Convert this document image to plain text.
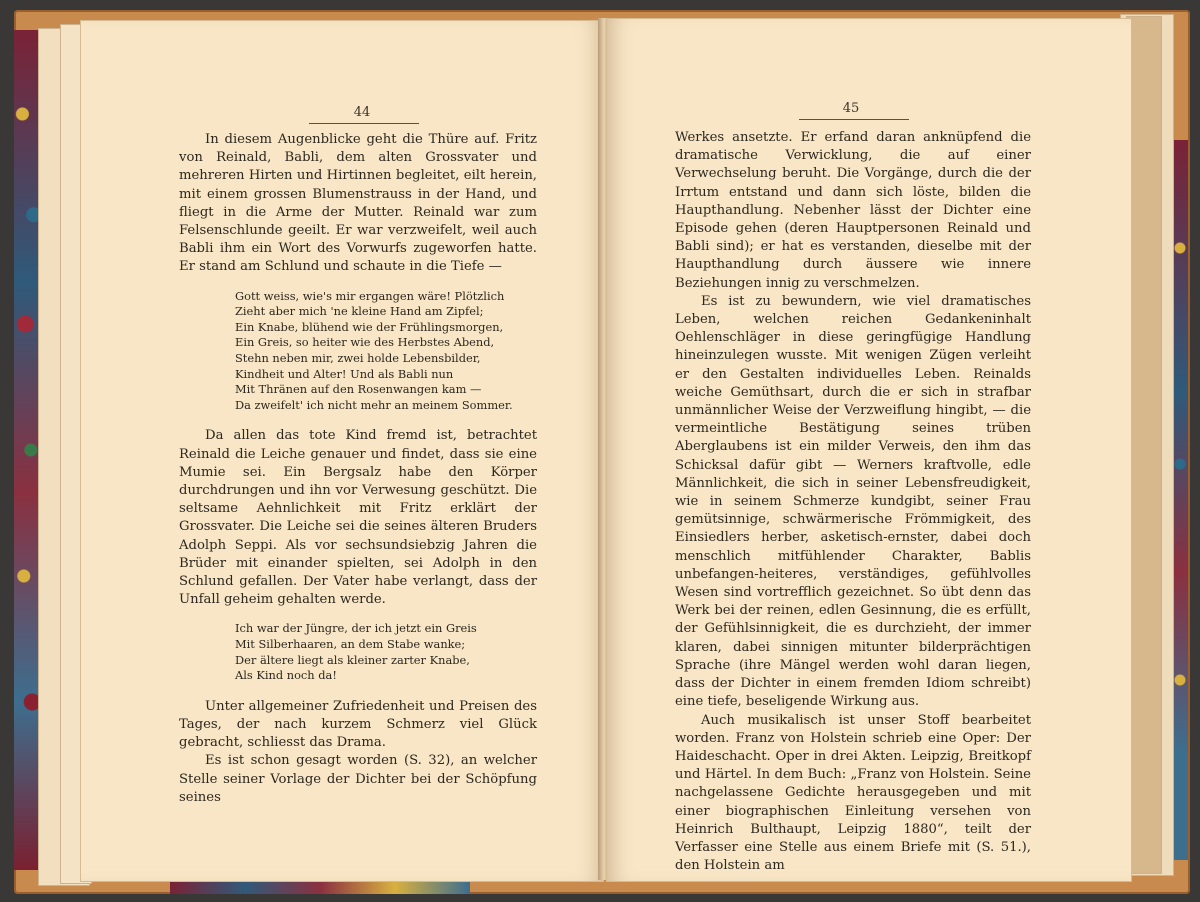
44

In diesem Augenblicke geht die Thüre auf. Fritz von Reinald, Babli, dem alten Grossvater und mehreren Hirten und Hirtinnen begleitet, eilt herein, mit einem grossen Blumenstrauss in der Hand, und fliegt in die Arme der Mutter. Reinald war zum Felsenschlunde geeilt. Er war verzweifelt, weil auch Babli ihm ein Wort des Vorwurfs zugeworfen hatte. Er stand am Schlund und schaute in die Tiefe —

Gott weiss, wie's mir ergangen wäre! Plötzlich
Zieht aber mich 'ne kleine Hand am Zipfel;
Ein Knabe, blühend wie der Frühlingsmorgen,
Ein Greis, so heiter wie des Herbstes Abend,
Stehn neben mir, zwei holde Lebensbilder,
Kindheit und Alter! Und als Babli nun
Mit Thränen auf den Rosenwangen kam —
Da zweifelt' ich nicht mehr an meinem Sommer.

Da allen das tote Kind fremd ist, betrachtet Reinald die Leiche genauer und findet, dass sie eine Mumie sei. Ein Bergsalz habe den Körper durchdrungen und ihn vor Verwesung geschützt. Die seltsame Aehnlichkeit mit Fritz erklärt der Grossvater. Die Leiche sei die seines älteren Bruders Adolph Seppi. Als vor sechsundsiebzig Jahren die Brüder mit einander spielten, sei Adolph in den Schlund gefallen. Der Vater habe verlangt, dass der Unfall geheim gehalten werde.

Ich war der Jüngre, der ich jetzt ein Greis
Mit Silberhaaren, an dem Stabe wanke;
Der ältere liegt als kleiner zarter Knabe,
Als Kind noch da!

Unter allgemeiner Zufriedenheit und Preisen des Tages, der nach kurzem Schmerz viel Glück gebracht, schliesst das Drama.

Es ist schon gesagt worden (S. 32), an welcher Stelle seiner Vorlage der Dichter bei der Schöpfung seines

45

Werkes ansetzte. Er erfand daran anknüpfend die dramatische Verwicklung, die auf einer Verwechselung beruht. Die Vorgänge, durch die der Irrtum entstand und dann sich löste, bilden die Haupthandlung. Nebenher lässt der Dichter eine Episode gehen (deren Hauptpersonen Reinald und Babli sind); er hat es verstanden, dieselbe mit der Haupthandlung durch äussere wie innere Beziehungen innig zu verschmelzen.

Es ist zu bewundern, wie viel dramatisches Leben, welchen reichen Gedankeninhalt Oehlenschläger in diese geringfügige Handlung hineinzulegen wusste. Mit wenigen Zügen verleiht er den Gestalten individuelles Leben. Reinalds weiche Gemüthsart, durch die er sich in strafbar unmännlicher Weise der Verzweiflung hingibt, — die vermeintliche Bestätigung seines trüben Aberglaubens ist ein milder Verweis, den ihm das Schicksal dafür gibt — Werners kraftvolle, edle Männlichkeit, die sich in seiner Lebensfreudigkeit, wie in seinem Schmerze kundgibt, seiner Frau gemütsinnige, schwärmerische Frömmigkeit, des Einsiedlers herber, asketisch-ernster, dabei doch menschlich mitfühlender Charakter, Bablis unbefangen-heiteres, verständiges, gefühlvolles Wesen sind vortrefflich gezeichnet. So übt denn das Werk bei der reinen, edlen Gesinnung, die es erfüllt, der Gefühlsinnigkeit, die es durchzieht, der immer klaren, dabei sinnigen mitunter bilderprächtigen Sprache (ihre Mängel werden wohl daran liegen, dass der Dichter in einem fremden Idiom schreibt) eine tiefe, beseligende Wirkung aus.

Auch musikalisch ist unser Stoff bearbeitet worden. Franz von Holstein schrieb eine Oper: Der Haideschacht. Oper in drei Akten. Leipzig, Breitkopf und Härtel. In dem Buch: „Franz von Holstein. Seine nachgelassene Gedichte herausgegeben und mit einer biographischen Einleitung versehen von Heinrich Bulthaupt, Leipzig 1880“, teilt der Verfasser eine Stelle aus einem Briefe mit (S. 51.), den Holstein am
